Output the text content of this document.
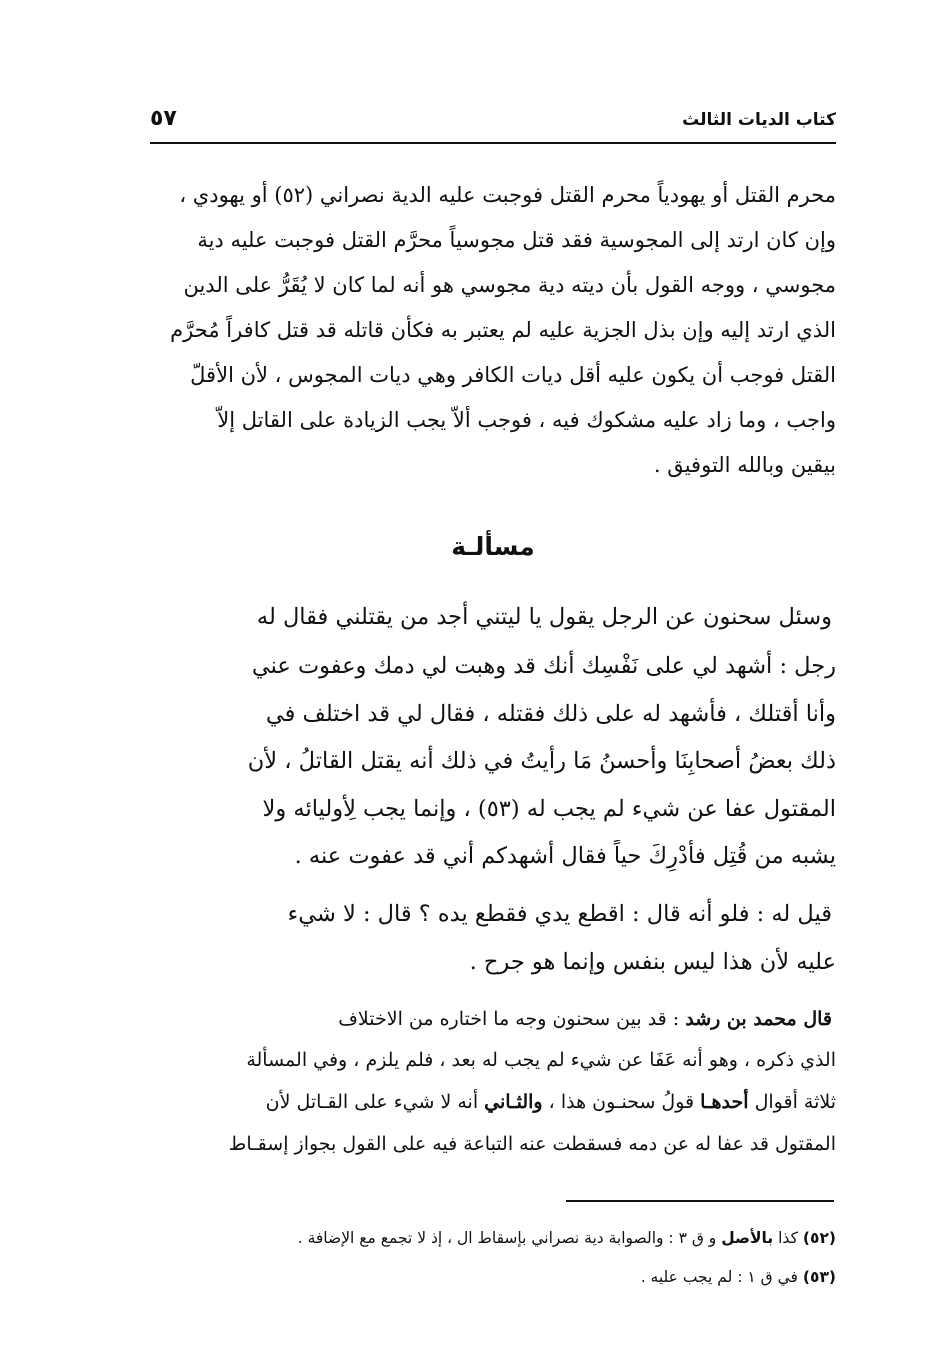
كتاب الديات الثالث
٥٧
محرم القتل أو يهودياً محرم القتل فوجبت عليه الدية نصراني (٥٢) أو يهودي ،
وإن كان ارتد إلى المجوسية فقد قتل مجوسياً محرَّم القتل فوجبت عليه دية
مجوسي ، ووجه القول بأن ديته دية مجوسي هو أنه لما كان لا يُقَرُّ على الدين
الذي ارتد إليه وإن بذل الجزية عليه لم يعتبر به فكأن قاتله قد قتل كافراً مُحرَّم
القتل فوجب أن يكون عليه أقل ديات الكافر وهي ديات المجوس ، لأن الأقلّ
واجب ، وما زاد عليه مشكوك فيه ، فوجب ألاّ يجب الزيادة على القاتل إلاّ
بيقين وبالله التوفيق .
مسألـة
وسئل سحنون عن الرجل يقول يا ليتني أجد من يقتلني فقال له
رجل : أشهد لي على نَفْسِك أنك قد وهبت لي دمك وعفوت عني
وأنا أقتلك ، فأشهد له على ذلك فقتله ، فقال لي قد اختلف في
ذلك بعضُ أصحابِنَا وأحسنُ مَا رأيتُ في ذلك أنه يقتل القاتلُ ، لأن
المقتول عفا عن شيء لم يجب له (٥٣) ، وإنما يجب لِأوليائه ولا
يشبه من قُتِل فأُدْرِكَ حياً فقال أشهدكم أني قد عفوت عنه .
قيل له : فلو أنه قال : اقطع يدي فقطع يده ؟ قال : لا شيء
عليه لأن هذا ليس بنفس وإنما هو جرح .
قال محمد بن رشد : قد بين سحنون وجه ما اختاره من الاختلاف
الذي ذكره ، وهو أنه عَفَا عن شيء لم يجب له بعد ، فلم يلزم ، وفي المسألة
ثلاثة أقوال أحدهـا قولُ سحنـون هذا ، والثـاني أنه لا شيء على القـاتل لأن
المقتول قد عفا له عن دمه فسقطت عنه التباعة فيه على القول بجواز إسقـاط
(٥٢) كذا بالأصل و ق ٣ : والصوابة دية نصراني بإسقاط ال ، إذ لا تجمع مع الإضافة .
(٥٣) في ق ١ : لم يجب عليه .
